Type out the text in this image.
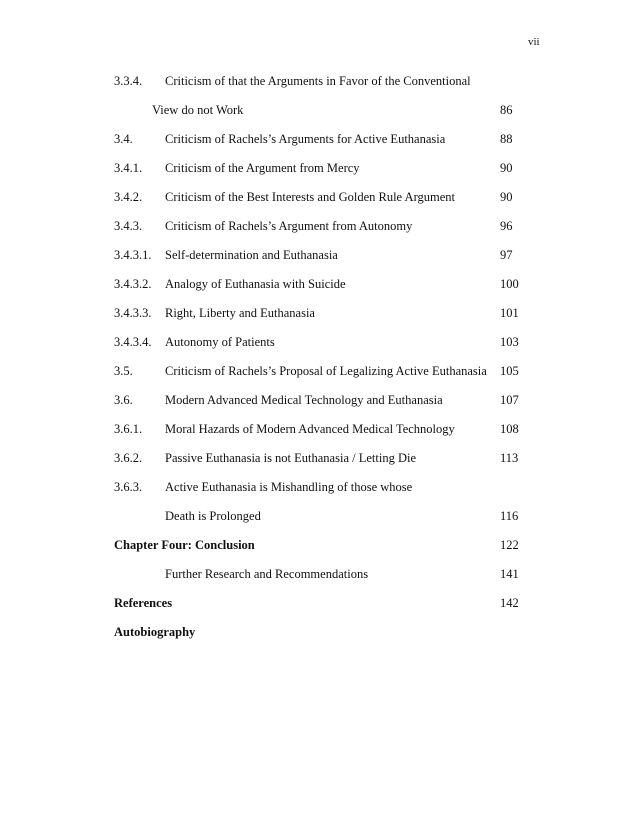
vii
3.3.4. Criticism of that the Arguments in Favor of the Conventional
View do not Work	86
3.4.	Criticism of Rachels’s Arguments for Active Euthanasia	88
3.4.1. Criticism of the Argument from Mercy	90
3.4.2. Criticism of the Best Interests and Golden Rule Argument	90
3.4.3. Criticism of Rachels’s Argument from Autonomy	96
3.4.3.1. Self-determination and Euthanasia	97
3.4.3.2. Analogy of Euthanasia with Suicide	100
3.4.3.3. Right, Liberty and Euthanasia	101
3.4.3.4. Autonomy of Patients	103
3.5.	Criticism of Rachels’s Proposal of Legalizing Active Euthanasia 105
3.6.	Modern Advanced Medical Technology and Euthanasia	107
3.6.1. Moral Hazards of Modern Advanced Medical Technology	108
3.6.2. Passive Euthanasia is not Euthanasia / Letting Die	113
3.6.3. Active Euthanasia is Mishandling of those whose
Death is Prolonged	116
Chapter Four: Conclusion	122
Further Research and Recommendations	141
References	142
Autobiography
